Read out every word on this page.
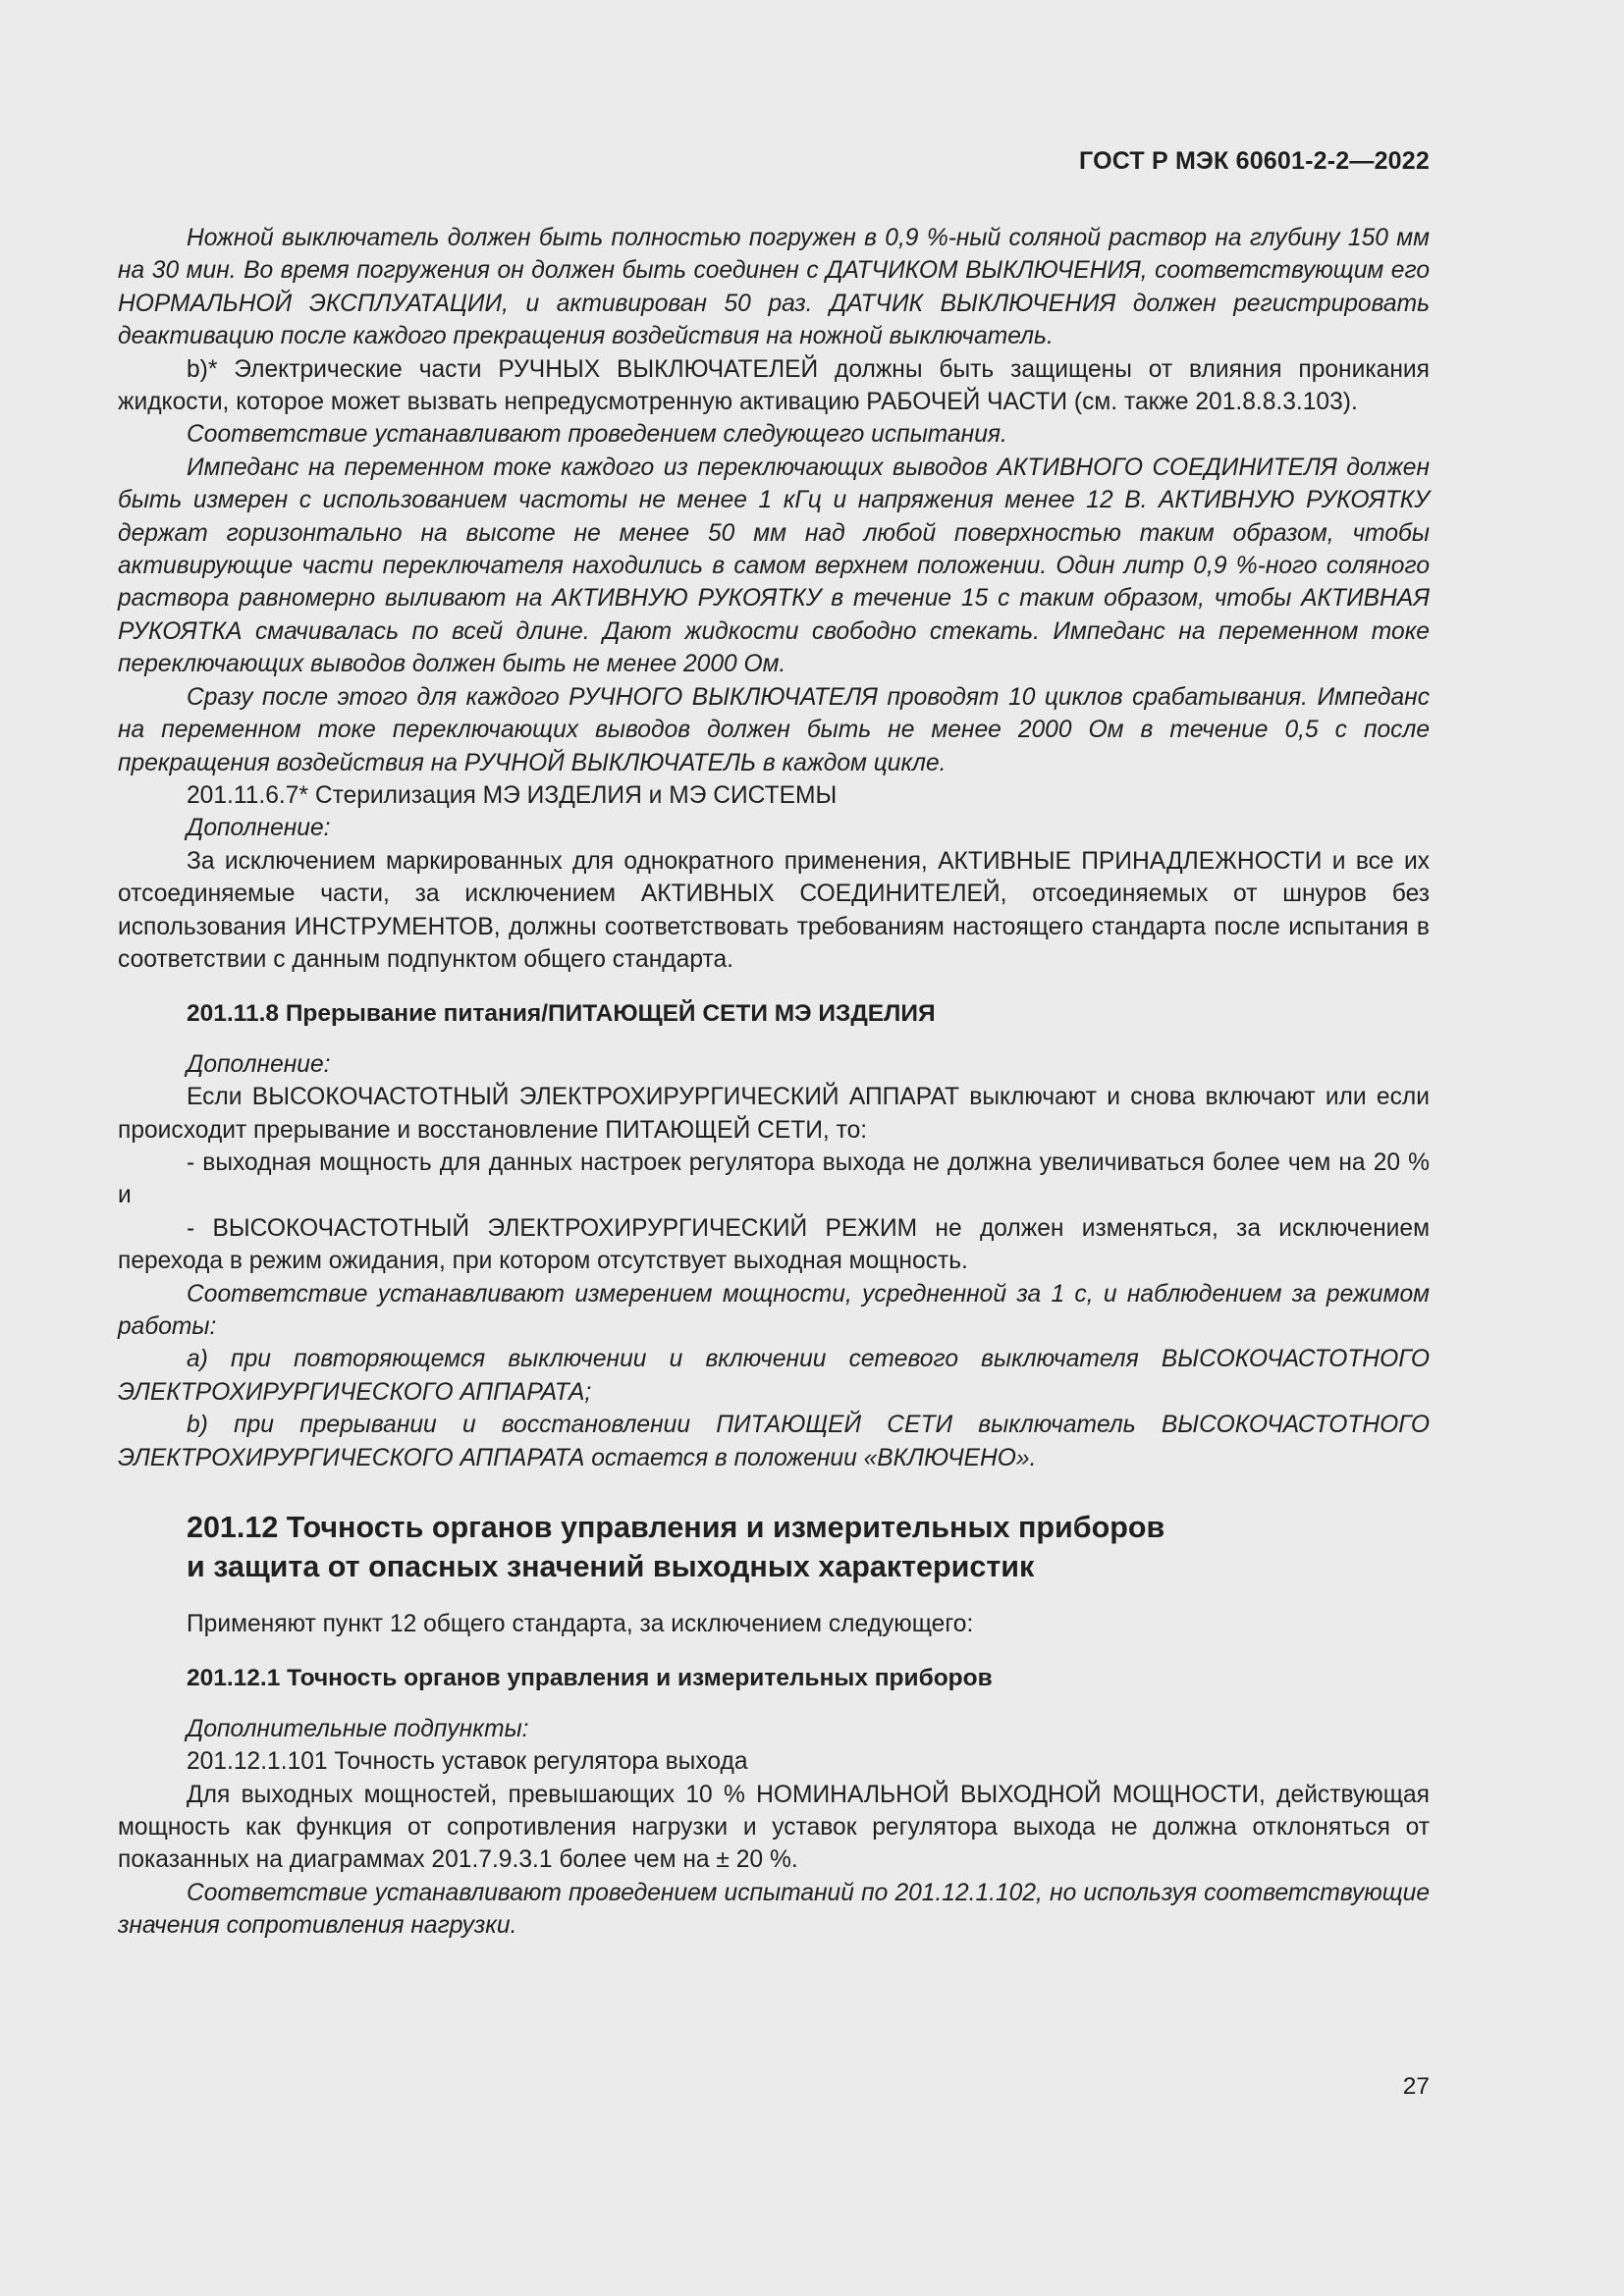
ГОСТ Р МЭК 60601-2-2—2022

Ножной выключатель должен быть полностью погружен в 0,9 %-ный соляной раствор на глубину 150 мм на 30 мин. Во время погружения он должен быть соединен с ДАТЧИКОМ ВЫКЛЮЧЕНИЯ, соответствующим его НОРМАЛЬНОЙ ЭКСПЛУАТАЦИИ, и активирован 50 раз. ДАТЧИК ВЫКЛЮЧЕНИЯ должен регистрировать деактивацию после каждого прекращения воздействия на ножной выключатель.

b)* Электрические части РУЧНЫХ ВЫКЛЮЧАТЕЛЕЙ должны быть защищены от влияния проникания жидкости, которое может вызвать непредусмотренную активацию РАБОЧЕЙ ЧАСТИ (см. также 201.8.8.3.103).

Соответствие устанавливают проведением следующего испытания.

Импеданс на переменном токе каждого из переключающих выводов АКТИВНОГО СОЕДИНИТЕЛЯ должен быть измерен с использованием частоты не менее 1 кГц и напряжения менее 12 В. АКТИВНУЮ РУКОЯТКУ держат горизонтально на высоте не менее 50 мм над любой поверхностью таким образом, чтобы активирующие части переключателя находились в самом верхнем положении. Один литр 0,9 %-ного соляного раствора равномерно выливают на АКТИВНУЮ РУКОЯТКУ в течение 15 с таким образом, чтобы АКТИВНАЯ РУКОЯТКА смачивалась по всей длине. Дают жидкости свободно стекать. Импеданс на переменном токе переключающих выводов должен быть не менее 2000 Ом.

Сразу после этого для каждого РУЧНОГО ВЫКЛЮЧАТЕЛЯ проводят 10 циклов срабатывания. Импеданс на переменном токе переключающих выводов должен быть не менее 2000 Ом в течение 0,5 с после прекращения воздействия на РУЧНОЙ ВЫКЛЮЧАТЕЛЬ в каждом цикле.

201.11.6.7* Стерилизация МЭ ИЗДЕЛИЯ и МЭ СИСТЕМЫ

Дополнение:

За исключением маркированных для однократного применения, АКТИВНЫЕ ПРИНАДЛЕЖНОСТИ и все их отсоединяемые части, за исключением АКТИВНЫХ СОЕДИНИТЕЛЕЙ, отсоединяемых от шнуров без использования ИНСТРУМЕНТОВ, должны соответствовать требованиям настоящего стандарта после испытания в соответствии с данным подпунктом общего стандарта.

201.11.8 Прерывание питания/ПИТАЮЩЕЙ СЕТИ МЭ ИЗДЕЛИЯ

Дополнение:

Если ВЫСОКОЧАСТОТНЫЙ ЭЛЕКТРОХИРУРГИЧЕСКИЙ АППАРАТ выключают и снова включают или если происходит прерывание и восстановление ПИТАЮЩЕЙ СЕТИ, то:

- выходная мощность для данных настроек регулятора выхода не должна увеличиваться более чем на 20 % и

- ВЫСОКОЧАСТОТНЫЙ ЭЛЕКТРОХИРУРГИЧЕСКИЙ РЕЖИМ не должен изменяться, за исключением перехода в режим ожидания, при котором отсутствует выходная мощность.

Соответствие устанавливают измерением мощности, усредненной за 1 с, и наблюдением за режимом работы:

a) при повторяющемся выключении и включении сетевого выключателя ВЫСОКОЧАСТОТНОГО ЭЛЕКТРОХИРУРГИЧЕСКОГО АППАРАТА;

b) при прерывании и восстановлении ПИТАЮЩЕЙ СЕТИ выключатель ВЫСОКОЧАСТОТНОГО ЭЛЕКТРОХИРУРГИЧЕСКОГО АППАРАТА остается в положении «ВКЛЮЧЕНО».

201.12 Точность органов управления и измерительных приборов
и защита от опасных значений выходных характеристик

Применяют пункт 12 общего стандарта, за исключением следующего:

201.12.1 Точность органов управления и измерительных приборов

Дополнительные подпункты:

201.12.1.101 Точность уставок регулятора выхода

Для выходных мощностей, превышающих 10 % НОМИНАЛЬНОЙ ВЫХОДНОЙ МОЩНОСТИ, действующая мощность как функция от сопротивления нагрузки и уставок регулятора выхода не должна отклоняться от показанных на диаграммах 201.7.9.3.1 более чем на ± 20 %.

Соответствие устанавливают проведением испытаний по 201.12.1.102, но используя соответствующие значения сопротивления нагрузки.

27
